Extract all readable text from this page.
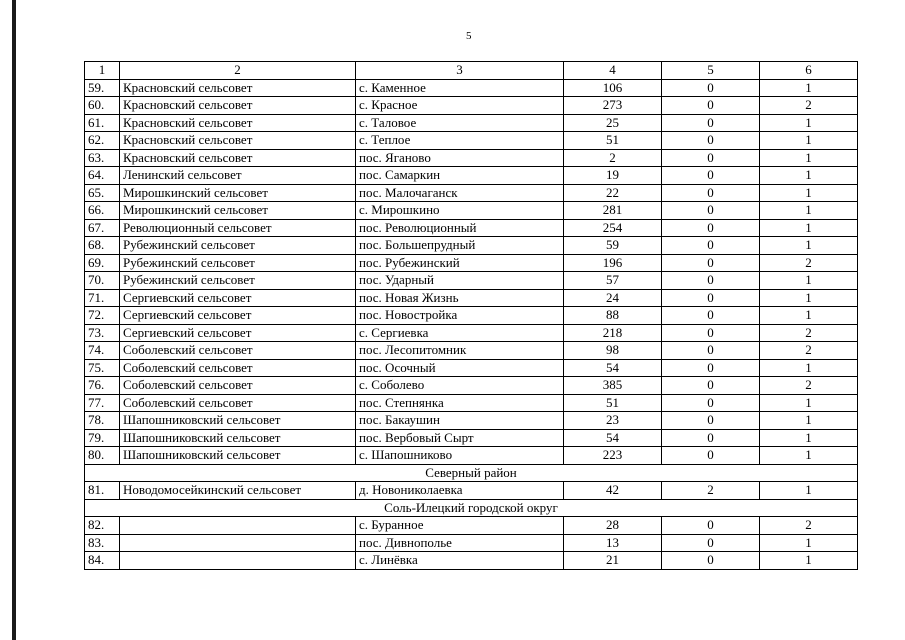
5
1	2	3	4	5	6
59.	Красновский сельсовет	с. Каменное	106	0	1
60.	Красновский сельсовет	с. Красное	273	0	2
61.	Красновский сельсовет	с. Таловое	25	0	1
62.	Красновский сельсовет	с. Теплое	51	0	1
63.	Красновский сельсовет	пос. Яганово	2	0	1
64.	Ленинский сельсовет	пос. Самаркин	19	0	1
65.	Мирошкинский сельсовет	пос. Малочаганск	22	0	1
66.	Мирошкинский сельсовет	с. Мирошкино	281	0	1
67.	Революционный сельсовет	пос. Революционный	254	0	1
68.	Рубежинский сельсовет	пос. Большепрудный	59	0	1
69.	Рубежинский сельсовет	пос. Рубежинский	196	0	2
70.	Рубежинский сельсовет	пос. Ударный	57	0	1
71.	Сергиевский сельсовет	пос. Новая Жизнь	24	0	1
72.	Сергиевский сельсовет	пос. Новостройка	88	0	1
73.	Сергиевский сельсовет	с. Сергиевка	218	0	2
74.	Соболевский сельсовет	пос. Лесопитомник	98	0	2
75.	Соболевский сельсовет	пос. Осочный	54	0	1
76.	Соболевский сельсовет	с. Соболево	385	0	2
77.	Соболевский сельсовет	пос. Степнянка	51	0	1
78.	Шапошниковский сельсовет	пос. Бакаушин	23	0	1
79.	Шапошниковский сельсовет	пос. Вербовый Сырт	54	0	1
80.	Шапошниковский сельсовет	с. Шапошниково	223	0	1
Северный район					
81.	Новодомосейкинский сельсовет	д. Новониколаевка	42	2	1
Соль-Илецкий городской округ					
82.		с. Буранное	28	0	2
83.		пос. Дивнополье	13	0	1
84.		с. Линёвка	21	0	1
